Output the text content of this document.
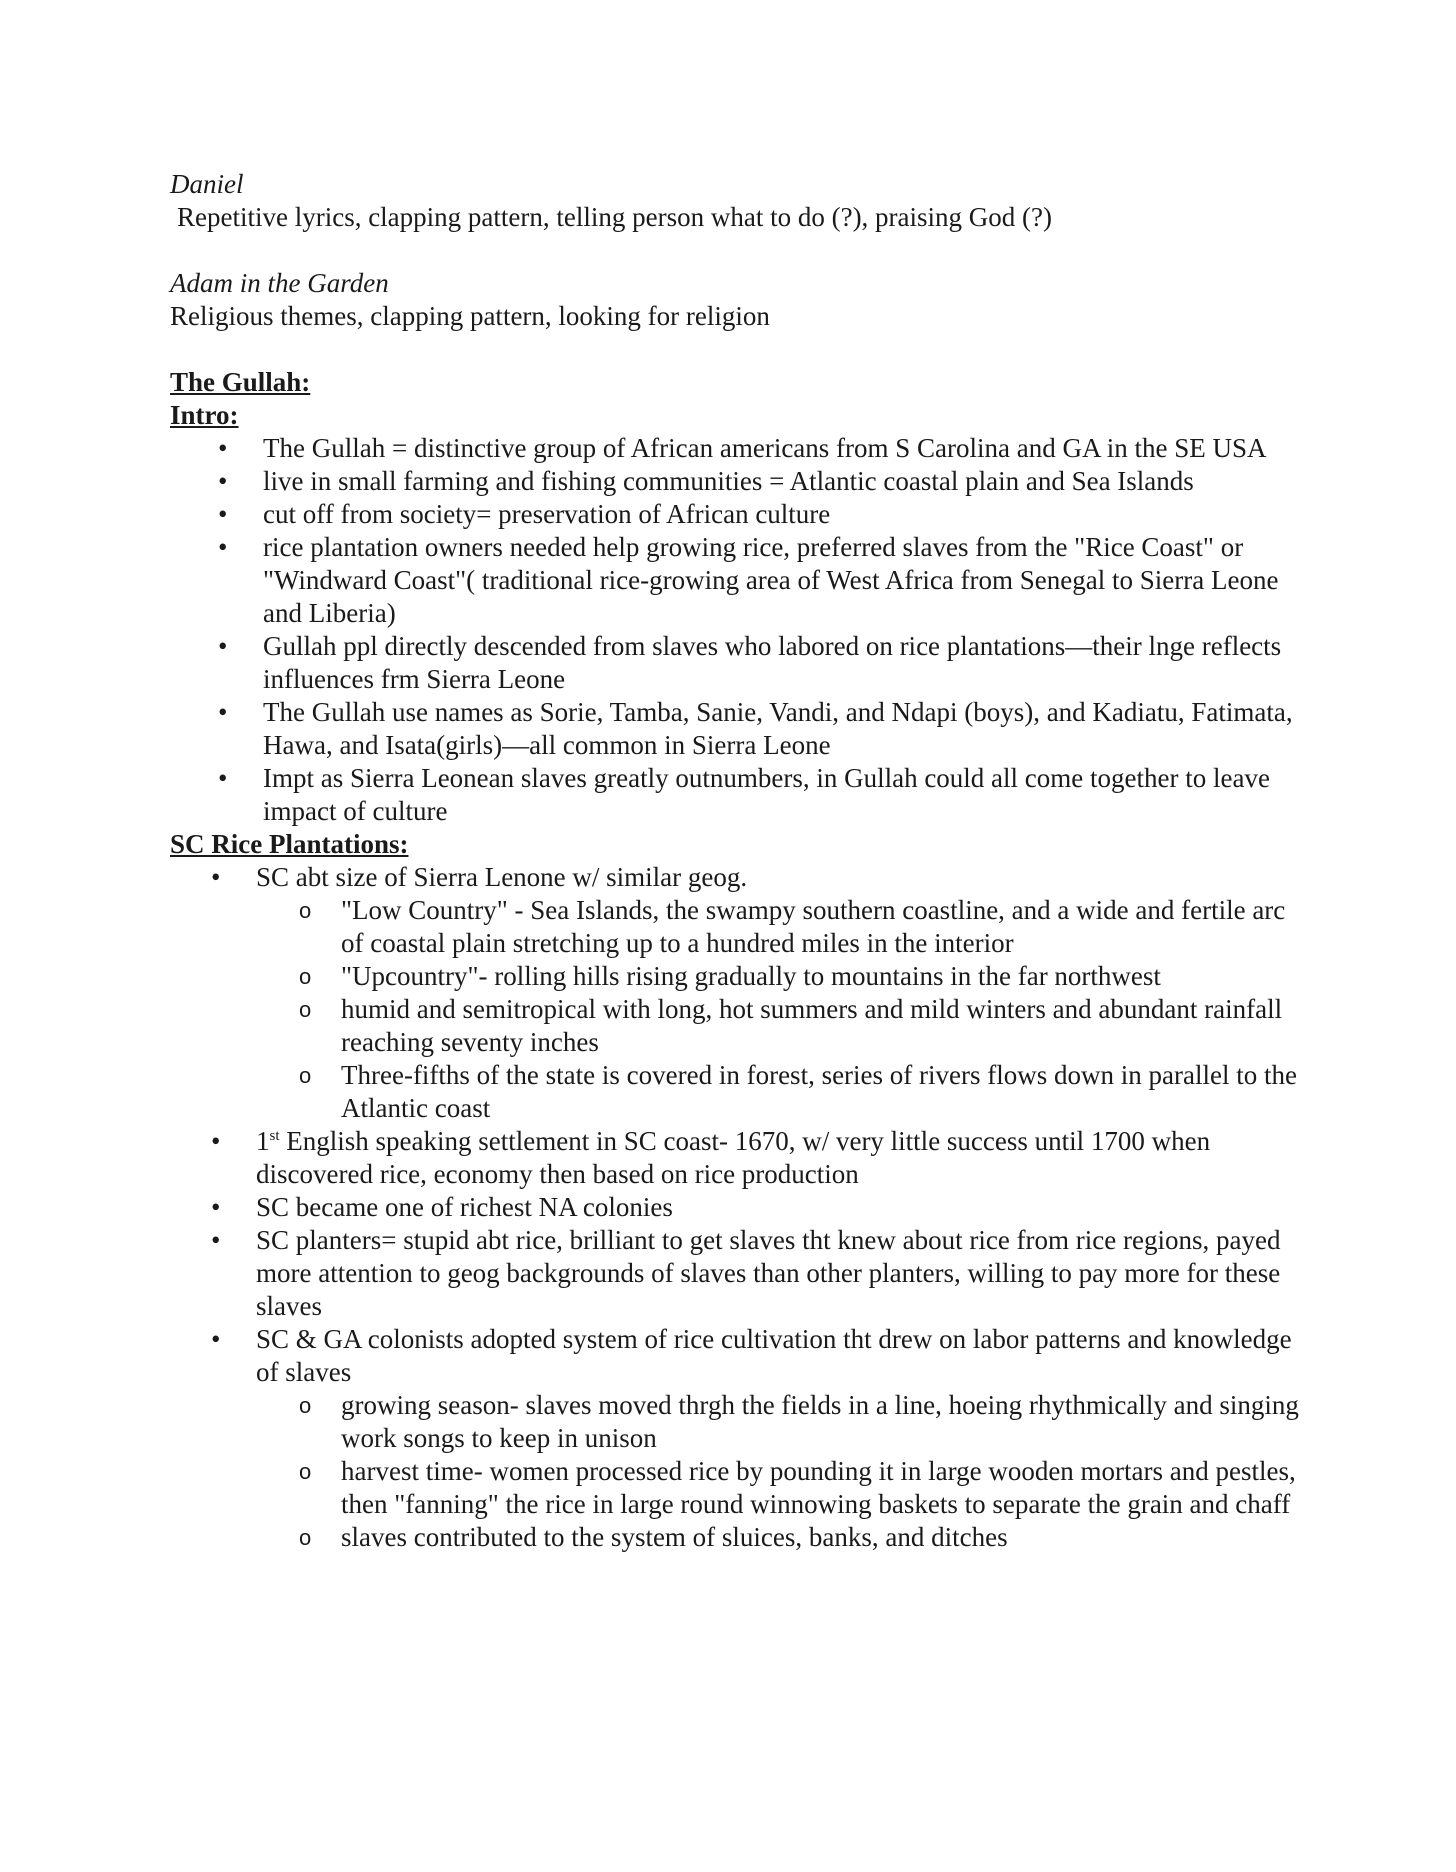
Daniel

Repetitive lyrics, clapping pattern, telling person what to do (?), praising God (?)

Adam in the Garden

Religious themes, clapping pattern, looking for religion

The Gullah:

Intro:

• The Gullah = distinctive group of African americans from S Carolina and GA in the SE USA
• live in small farming and fishing communities = Atlantic coastal plain and Sea Islands
• cut off from society= preservation of African culture
• rice plantation owners needed help growing rice, preferred slaves from the "Rice Coast" or "Windward Coast"( traditional rice-growing area of West Africa from Senegal to Sierra Leone and Liberia)
• Gullah ppl directly descended from slaves who labored on rice plantations—their lnge reflects influences frm Sierra Leone
• The Gullah use names as Sorie, Tamba, Sanie, Vandi, and Ndapi (boys), and Kadiatu, Fatimata, Hawa, and Isata(girls)—all common in Sierra Leone
• Impt as Sierra Leonean slaves greatly outnumbers, in Gullah could all come together to leave impact of culture

SC Rice Plantations:

• SC abt size of Sierra Lenone w/ similar geog.
o "Low Country" - Sea Islands, the swampy southern coastline, and a wide and fertile arc of coastal plain stretching up to a hundred miles in the interior
o "Upcountry"- rolling hills rising gradually to mountains in the far northwest
o humid and semitropical with long, hot summers and mild winters and abundant rainfall reaching seventy inches
o Three-fifths of the state is covered in forest, series of rivers flows down in parallel to the Atlantic coast
• 1st English speaking settlement in SC coast- 1670, w/ very little success until 1700 when discovered rice, economy then based on rice production
• SC became one of richest NA colonies
• SC planters= stupid abt rice, brilliant to get slaves tht knew about rice from rice regions, payed more attention to geog backgrounds of slaves than other planters, willing to pay more for these slaves
• SC & GA colonists adopted system of rice cultivation tht drew on labor patterns and knowledge of slaves
o growing season- slaves moved thrgh the fields in a line, hoeing rhythmically and singing work songs to keep in unison
o harvest time- women processed rice by pounding it in large wooden mortars and pestles, then "fanning" the rice in large round winnowing baskets to separate the grain and chaff
o slaves contributed to the system of sluices, banks, and ditches
